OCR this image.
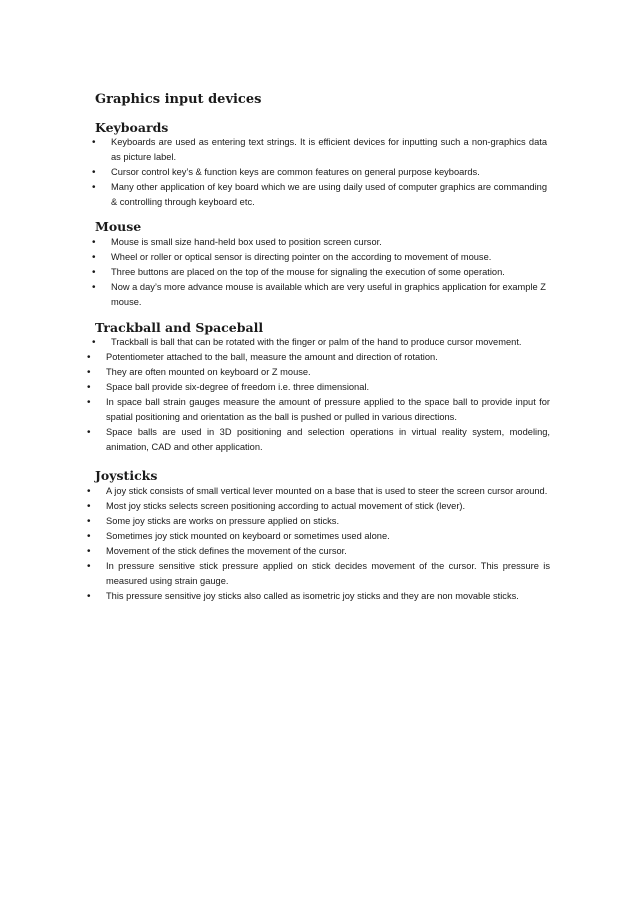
Graphics input devices
Keyboards
• Keyboards are used as entering text strings. It is efficient devices for inputting such a non-graphics data as picture label.
• Cursor control key’s & function keys are common features on general purpose keyboards.
• Many other application of key board which we are using daily used of computer graphics are commanding & controlling through keyboard etc.
Mouse
• Mouse is small size hand-held box used to position screen cursor.
• Wheel or roller or optical sensor is directing pointer on the according to movement of mouse.
• Three buttons are placed on the top of the mouse for signaling the execution of some operation.
• Now a day’s more advance mouse is available which are very useful in graphics application for example Z mouse.
Trackball and Spaceball
• Trackball is ball that can be rotated with the finger or palm of the hand to produce cursor movement.
• Potentiometer attached to the ball, measure the amount and direction of rotation.
• They are often mounted on keyboard or Z mouse.
• Space ball provide six-degree of freedom i.e. three dimensional.
• In space ball strain gauges measure the amount of pressure applied to the space ball to provide input for spatial positioning and orientation as the ball is pushed or pulled in various directions.
• Space balls are used in 3D positioning and selection operations in virtual reality system, modeling, animation, CAD and other application.
Joysticks
• A joy stick consists of small vertical lever mounted on a base that is used to steer the screen cursor around.
• Most joy sticks selects screen positioning according to actual movement of stick (lever).
• Some joy sticks are works on pressure applied on sticks.
• Sometimes joy stick mounted on keyboard or sometimes used alone.
• Movement of the stick defines the movement of the cursor.
• In pressure sensitive stick pressure applied on stick decides movement of the cursor. This pressure is measured using strain gauge.
• This pressure sensitive joy sticks also called as isometric joy sticks and they are non movable sticks.
